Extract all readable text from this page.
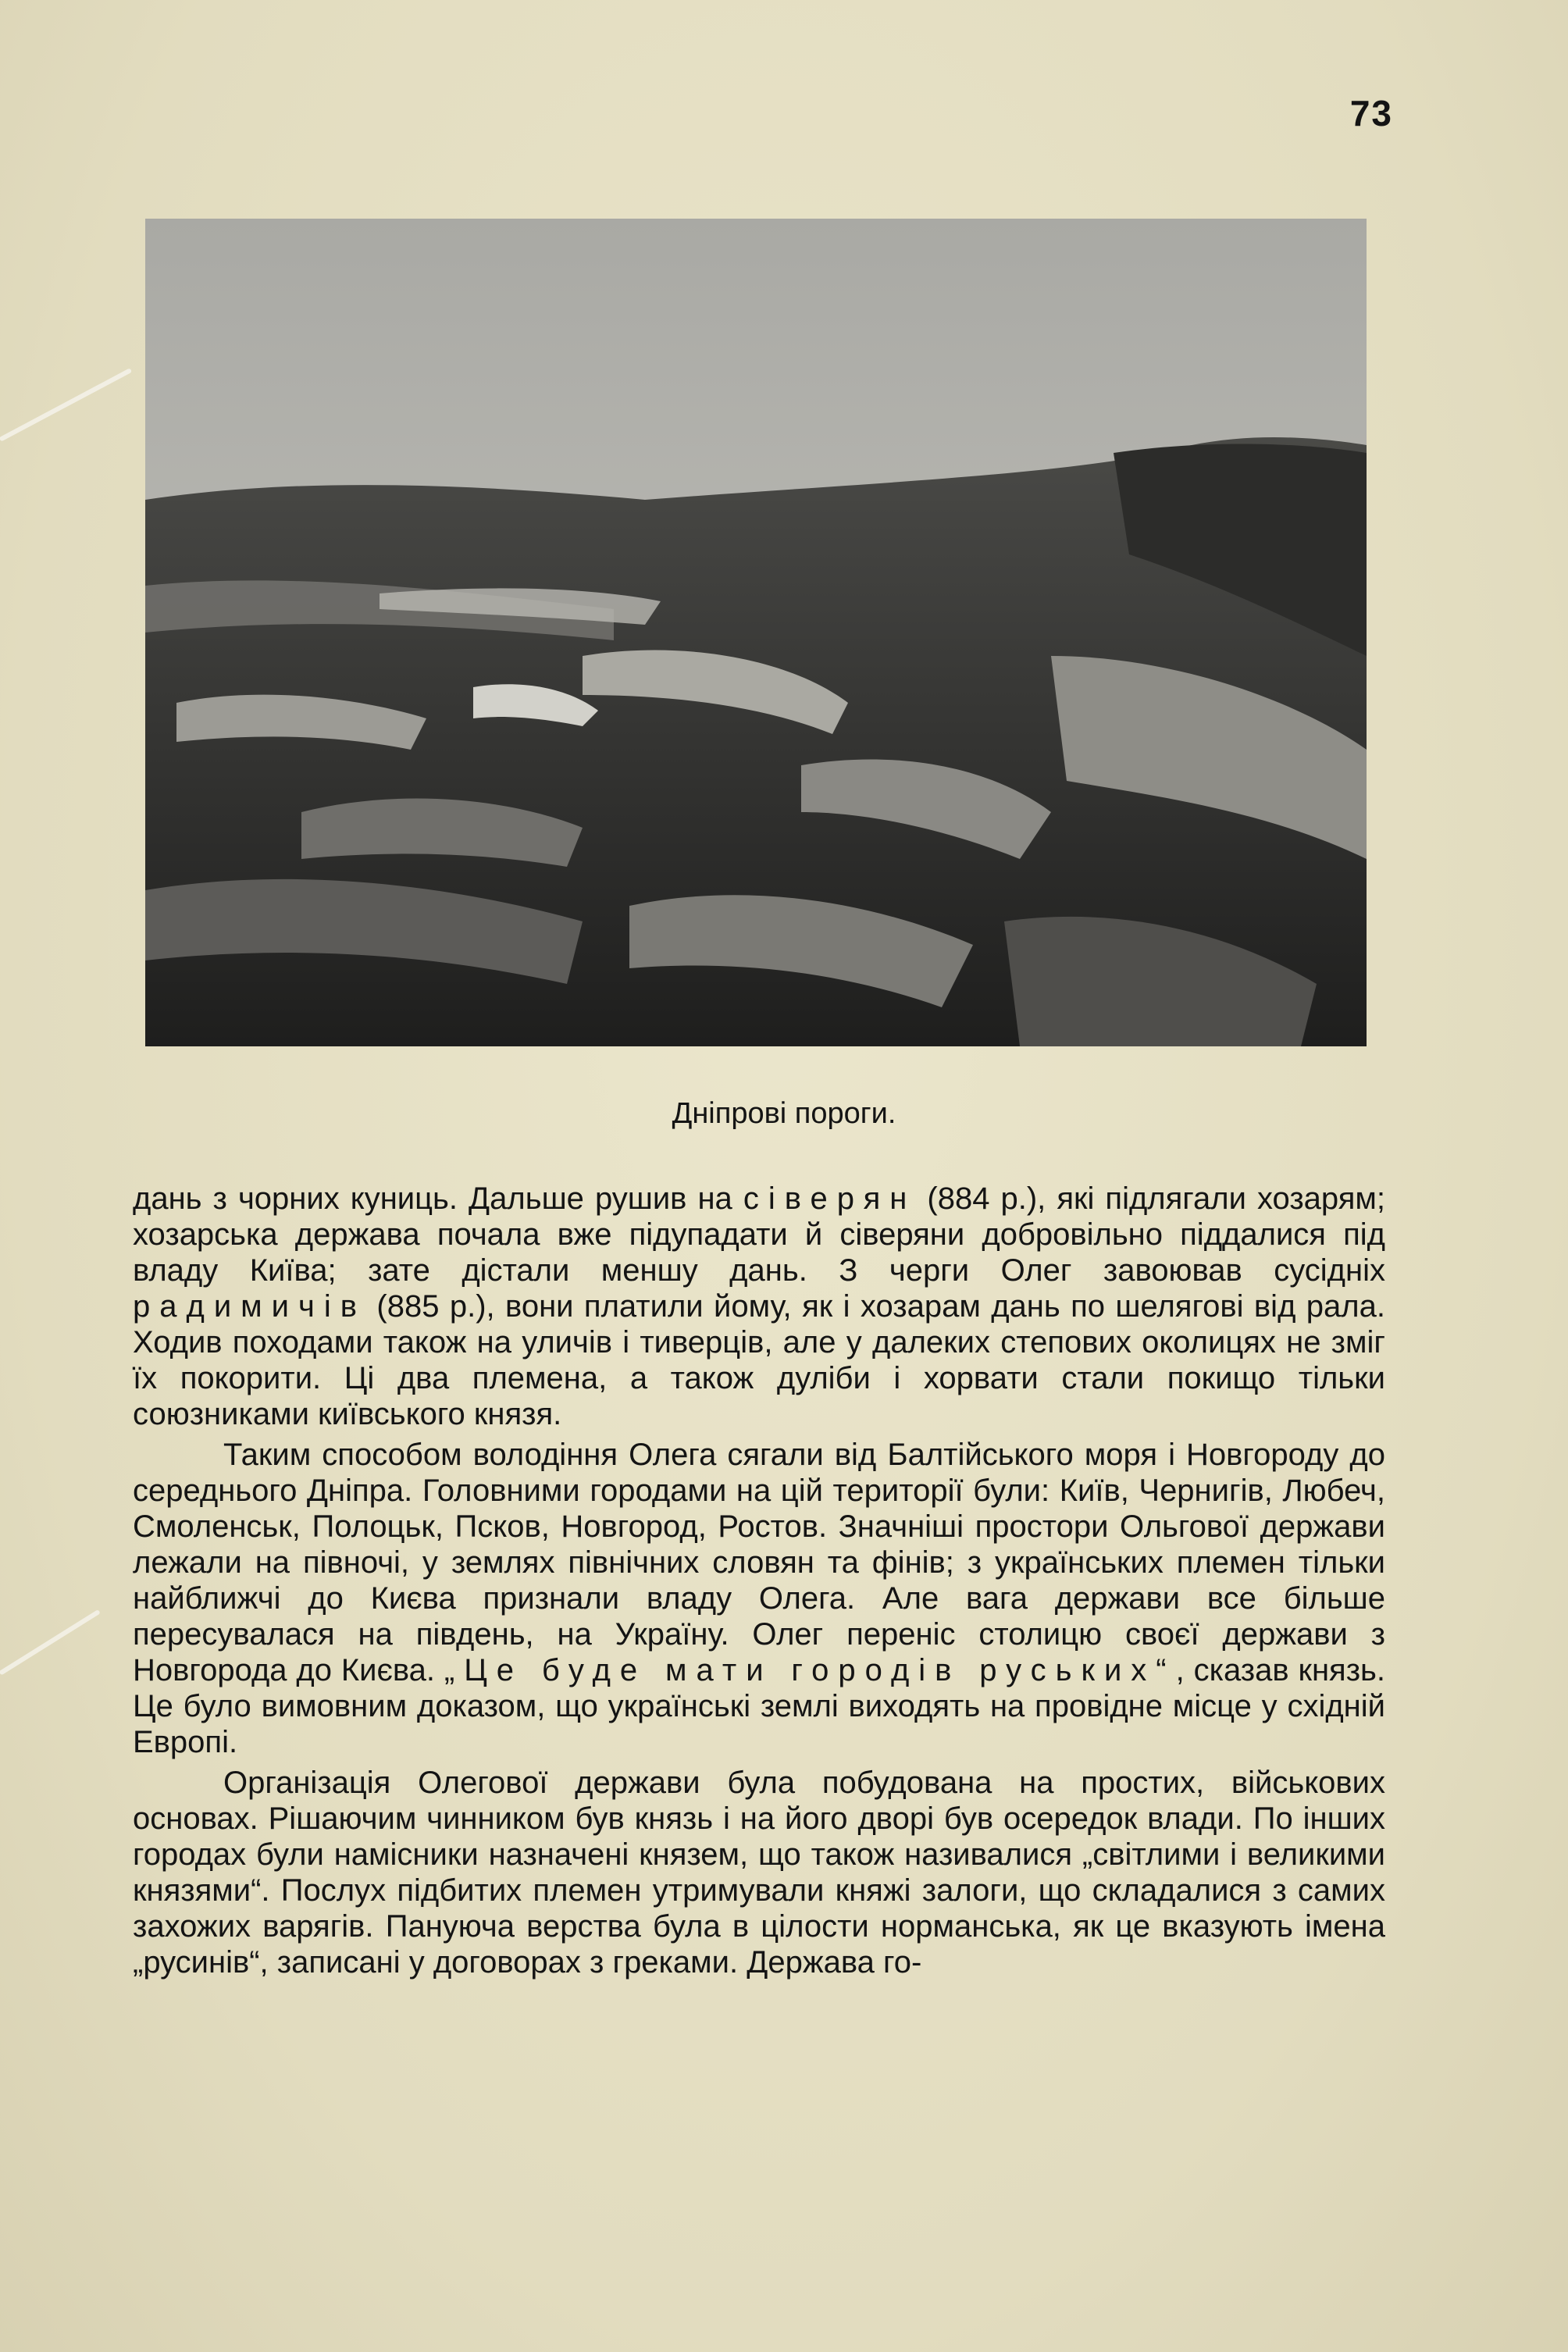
73
Дніпрові пороги.

дань з чорних куниць. Дальше рушив на сіверян (884 р.), які підлягали хозарям; хозарська держава почала вже підупадати й сіверяни добровільно піддалися під владу Київа; зате дістали меншу дань. З черги Олег завоював сусідніх радимичів (885 р.), вони платили йому, як і хозарам дань по шелягові від рала. Ходив походами також на уличів і тиверців, але у далеких степових околицях не зміг їх покорити. Ці два племена, а також дуліби і хорвати стали покищо тільки союзниками київського князя.

Таким способом володіння Олега сягали від Балтійського моря і Новгороду до середнього Дніпра. Головними городами на цій території були: Київ, Чернигів, Любеч, Смоленськ, Полоцьк, Псков, Новгород, Ростов. Значніші простори Ольгової держави лежали на півночі, у землях північних словян та фінів; з українських племен тільки найближчі до Києва признали владу Олега. Але вага держави все більше пересувалася на південь, на Україну. Олег переніс столицю своєї держави з Новгорода до Києва. „Це буде мати городів руських“, сказав князь. Це було вимовним доказом, що українські землі виходять на провідне місце у східній Европі.

Організація Олегової держави була побудована на простих, військових основах. Рішаючим чинником був князь і на його дворі був осередок влади. По інших городах були намісники назначені князем, що також називалися „світлими і великими князями“. Послух підбитих племен утримували княжі залоги, що складалися з самих захожих варягів. Пануюча верства була в цілости норманська, як це вказують імена „русинів“, записані у договорах з греками. Держава го-
